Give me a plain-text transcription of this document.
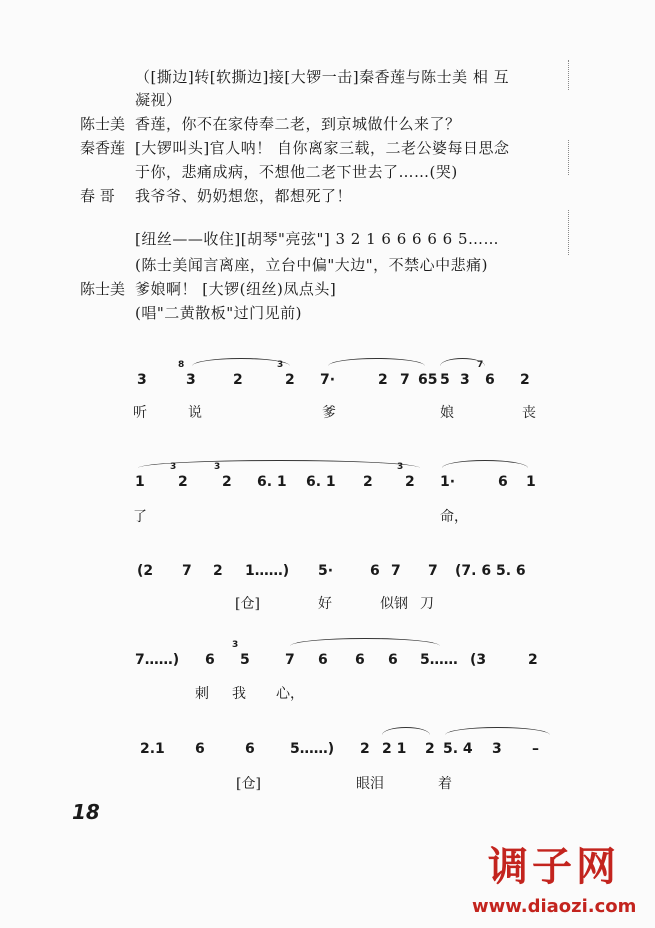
（[撕边]转[软撕边]接[大锣一击]秦香莲与陈士美 相 互
凝视）
陈士美 香莲，你不在家侍奉二老，到京城做什么来了？
秦香莲 [大锣叫头]官人呐！ 自你离家三载，二老公婆每日思念
于你，悲痛成病，不想他二老下世去了……(哭)
春 哥 我爷爷、奶奶想您，都想死了！
[纽丝——收住][胡琴"亮弦"] 3 2 1 6 6 6 6 6 5……
(陈士美闻言离座，立台中偏"大边"，不禁心中悲痛)
陈士美 爹娘啊！ [大锣(纽丝)凤点头]
(唱"二黄散板"过门见前)
3
8
3	2
3
2 7·	2 7 65 5 3
7
6 2
听	说	爹	娘	丧
1
3
2
3
2 6. 1 6. 1 2
3
2 1·	6 1
了	命，
(2 7 2 1……) 5·	6 7 7 (7. 6 5. 6
[仓]	好	似钢 刀
7……) 6
3
5	7 6 6 6 5…… (3	2
刺 我 心，
2.1 6	6	5……) 2 2 1 2 5. 4 3 –
[仓]	眼泪	着
18
调子网
www.diaozi.com
